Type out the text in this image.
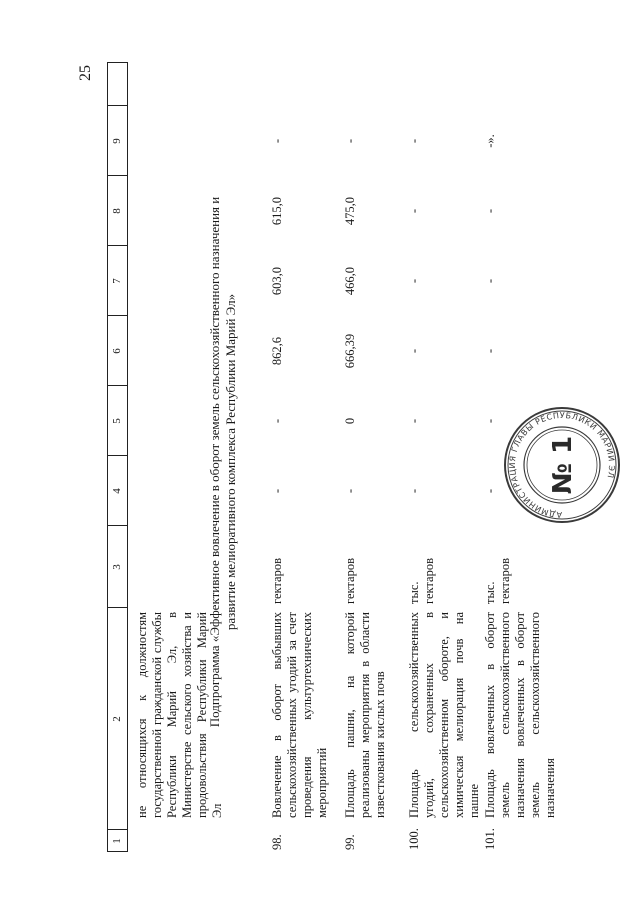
25
1
2
3
4
5
6
7
8
9
не относящихся к должностям государственной гражданской службы Республики Марий Эл, в Министерстве сельского хозяйства и продовольствия Республики Марий Эл
Подпрограмма «Эффективное вовлечение в оборот земель сельскохозяйственного назначения и развитие мелиоративного комплекса Республики Марий Эл»
98.
Вовлечение в оборот выбывших сельскохозяйственных угодий за счет проведения культуртехнических мероприятий
гектаров
-
-
862,6
603,0
615,0
-
99.
Площадь пашни, на которой реализованы мероприятия в области известкования кислых почв
гектаров
-
0
666,39
466,0
475,0
-
100.
Площадь сельскохозяйственных угодий, сохраненных в сельскохозяйственном обороте, и химическая мелиорация почв на пашне
тыс. гектаров
-
-
-
-
-
-
101.
Площадь вовлеченных в оборот земель сельскохозяйственного назначения вовлеченных в оборот земель сельскохозяйственного назначения
тыс. гектаров
-
-
-
-
-
-».
АДМИНИСТРАЦИЯ ГЛАВЫ РЕСПУБЛИКИ МАРИЙ ЭЛ
№ 1
